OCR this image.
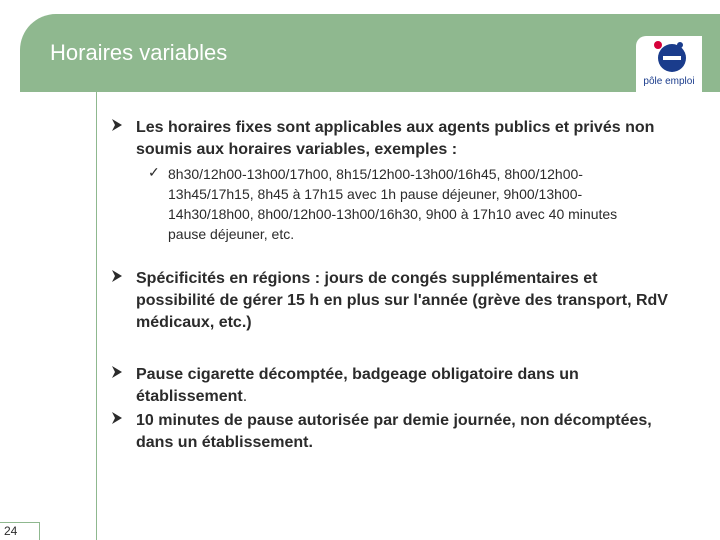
Horaires variables
pôle emploi
24
Les horaires fixes sont applicables aux agents publics et privés non soumis aux horaires variables, exemples :
✓ 8h30/12h00-13h00/17h00, 8h15/12h00-13h00/16h45, 8h00/12h00-13h45/17h15, 8h45 à 17h15 avec 1h pause déjeuner, 9h00/13h00-14h30/18h00, 8h00/12h00-13h00/16h30, 9h00 à 17h10 avec 40 minutes pause déjeuner, etc.
Spécificités en régions : jours de congés supplémentaires et possibilité de gérer 15 h en plus sur l'année (grève des transport, RdV médicaux, etc.)
Pause cigarette décomptée, badgeage obligatoire dans un établissement.
10 minutes de pause autorisée par demie journée, non décomptées, dans un établissement.
